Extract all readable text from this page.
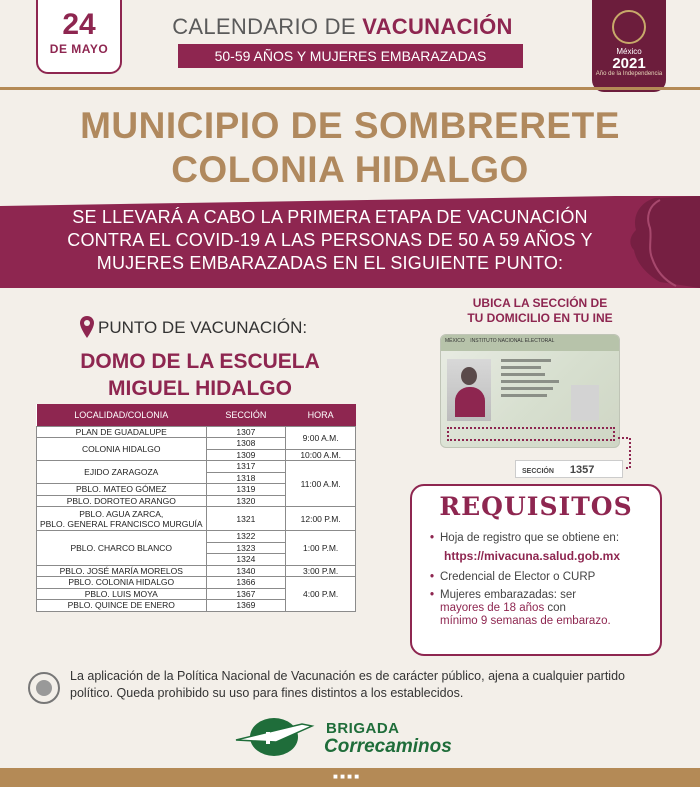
24
DE MAYO
CALENDARIO DE VACUNACIÓN
50-59 AÑOS Y MUJERES EMBARAZADAS	México
2021
Año de la Independencia
MUNICIPIO DE SOMBRERETE
COLONIA HIDALGO
SE LLEVARÁ A CABO LA PRIMERA ETAPA DE VACUNACIÓN CONTRA EL COVID-19 A LAS PERSONAS DE 50 A 59 AÑOS Y MUJERES EMBARAZADAS EN EL SIGUIENTE PUNTO:
PUNTO DE VACUNACIÓN:
DOMO DE LA ESCUELA
MIGUEL HIDALGO
LOCALIDAD/COLONIA	SECCIÓN	HORA
PLAN DE GUADALUPE	1307	9:00 A.M.
COLONIA HIDALGO	1308	
	1309	10:00 A.M.
EJIDO ZARAGOZA	1317	11:00 A.M.
	1318	
PBLO. MATEO GÓMEZ	1319	
PBLO. DOROTEO ARANGO	1320	

PBLO. AGUA ZARCA,
PBLO. GENERAL FRANCISCO MURGUÍA	1321	12:00 P.M.
PBLO. CHARCO BLANCO	1322	1:00 P.M.
	1323	
	1324	
PBLO. JOSÉ MARÍA MORELOS	1340	3:00 P.M.
PBLO. COLONIA HIDALGO	1366	4:00 P.M.
PBLO. LUIS MOYA	1367	
PBLO. QUINCE DE ENERO	1369	
UBICA LA SECCIÓN DE
TU DOMICILIO EN TU INE
MÉXICO INSTITUTO NACIONAL ELECTORAL
SECCIÓN 1357
REQUISITOS
• Hoja de registro que se obtiene en:
https://mivacuna.salud.gob.mx
• Credencial de Elector o CURP
• Mujeres embarazadas: ser
mayores de 18 años con
mínimo 9 semanas de embarazo.
La aplicación de la Política Nacional de Vacunación es de carácter público, ajena a cualquier partido político. Queda prohibido su uso para fines distintos a los establecidos.
BRIGADA
Correcaminos
■ ■ ■ ■
